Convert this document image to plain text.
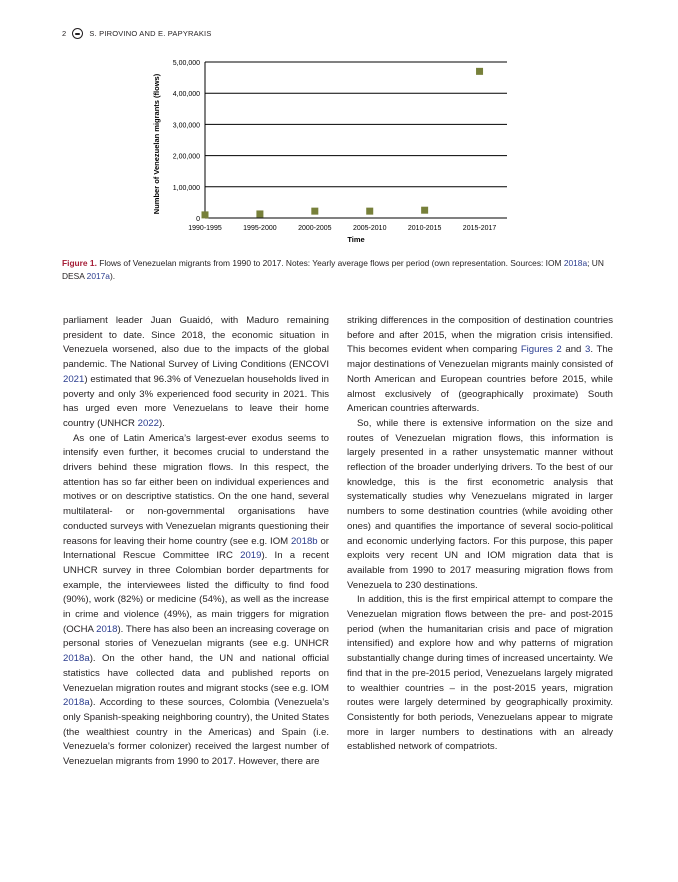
2	S. PIROVINO AND E. PAPYRAKIS
0
1,00,000
2,00,000
3,00,000
4,00,000
5,00,000
1990-1995	1995-2000	2000-2005	2005-2010	2010-2015	2015-2017
Time
Number of Venezuelan migrants (flows)
Figure 1. Flows of Venezuelan migrants from 1990 to 2017. Notes: Yearly average flows per period (own representation. Sources: IOM 2018a; UN DESA 2017a).

parliament leader Juan Guaidó, with Maduro remaining president to date. Since 2018, the economic situation in Venezuela worsened, also due to the impacts of the global pandemic. The National Survey of Living Conditions (ENCOVI 2021) estimated that 96.3% of Venezuelan households lived in poverty and only 3% experienced food security in 2021. This has urged even more Venezuelans to leave their home country (UNHCR 2022).

As one of Latin America’s largest-ever exodus seems to intensify even further, it becomes crucial to understand the drivers behind these migration flows. In this respect, the attention has so far either been on individual experiences and motives or on descriptive statistics. On the one hand, several multilateral- or non-governmental organisations have conducted surveys with Venezuelan migrants questioning their reasons for leaving their home country (see e.g. IOM 2018b or International Rescue Committee IRC 2019). In a recent UNHCR survey in three Colombian border departments for example, the interviewees listed the difficulty to find food (90%), work (82%) or medicine (54%), as well as the increase in crime and violence (49%), as main triggers for migration (OCHA 2018). There has also been an increasing coverage on personal stories of Venezuelan migrants (see e.g. UNHCR 2018a). On the other hand, the UN and national official statistics have collected data and published reports on Venezuelan migration routes and migrant stocks (see e.g. IOM 2018a). According to these sources, Colombia (Venezuela’s only Spanish-speaking neighboring country), the United States (the wealthiest country in the Americas) and Spain (i.e. Venezuela’s former colonizer) received the largest number of Venezuelan migrants from 1990 to 2017. However, there are

striking differences in the composition of destination countries before and after 2015, when the migration crisis intensified. This becomes evident when comparing Figures 2 and 3. The major destinations of Venezuelan migrants mainly consisted of North American and European countries before 2015, while almost exclusively of (geographically proximate) South American countries afterwards.

So, while there is extensive information on the size and routes of Venezuelan migration flows, this information is largely presented in a rather unsystematic manner without reflection of the broader underlying drivers. To the best of our knowledge, this is the first econometric analysis that systematically studies why Venezuelans migrated in larger numbers to some destination countries (while avoiding other ones) and quantifies the importance of several socio-political and economic underlying factors. For this purpose, this paper exploits very recent UN and IOM migration data that is available from 1990 to 2017 measuring migration flows from Venezuela to 230 destinations.

In addition, this is the first empirical attempt to compare the Venezuelan migration flows between the pre- and post-2015 period (when the humanitarian crisis and pace of migration intensified) and explore how and why patterns of migration substantially change during times of increased uncertainty. We find that in the pre-2015 period, Venezuelans largely migrated to wealthier countries – in the post-2015 years, migration routes were largely determined by geographically proximity. Consistently for both periods, Venezuelans appear to migrate more in larger numbers to destinations with an already established network of compatriots.
